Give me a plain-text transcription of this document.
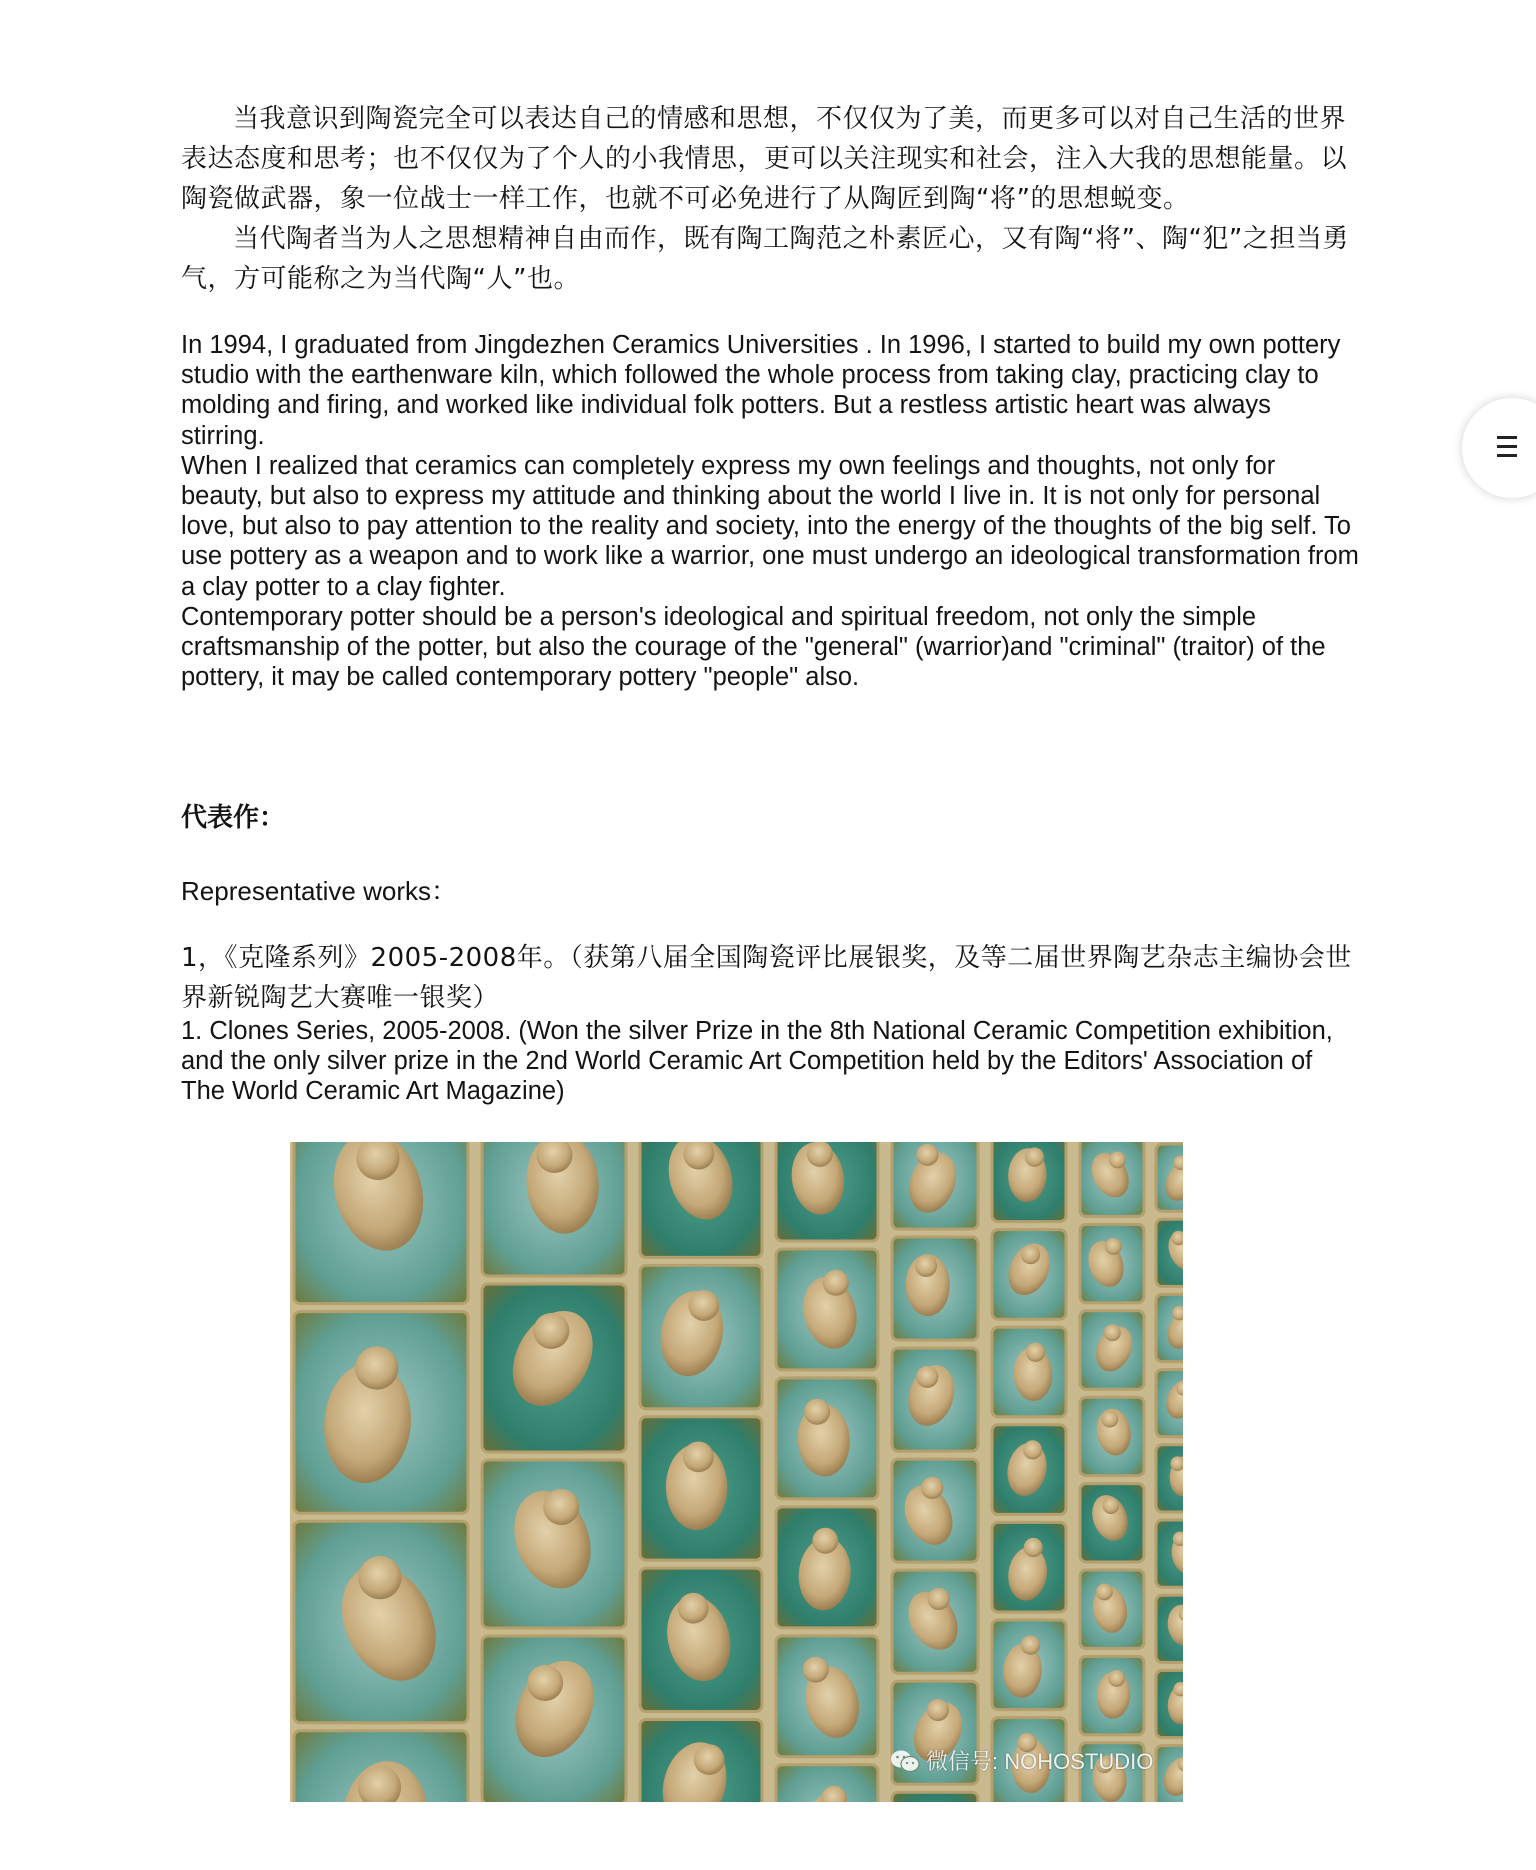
当我意识到陶瓷完全可以表达自己的情感和思想，不仅仅为了美，而更多可以对自己生活的世界表达态度和思考；也不仅仅为了个人的小我情思，更可以关注现实和社会，注入大我的思想能量。以陶瓷做武器，象一位战士一样工作，也就不可必免进行了从陶匠到陶“将”的思想蜕变。

当代陶者当为人之思想精神自由而作，既有陶工陶范之朴素匠心，又有陶“将”、陶“犯”之担当勇气，方可能称之为当代陶“人”也。

In 1994, I graduated from Jingdezhen Ceramics Universities . In 1996, I started to build my own pottery studio with the earthenware kiln, which followed the whole process from taking clay, practicing clay to molding and firing, and worked like individual folk potters. But a restless artistic heart was always stirring.

When I realized that ceramics can completely express my own feelings and thoughts, not only for beauty, but also to express my attitude and thinking about the world I live in. It is not only for personal love, but also to pay attention to the reality and society, into the energy of the thoughts of the big self. To use pottery as a weapon and to work like a warrior, one must undergo an ideological transformation from a clay potter to a clay fighter.

Contemporary potter should be a person's ideological and spiritual freedom, not only the simple craftsmanship of the potter, but also the courage of the "general" (warrior)and "criminal" (traitor) of the pottery, it may be called contemporary pottery "people" also.

代表作：
Representative works：

1，《克隆系列》2005-2008年。（获第八届全国陶瓷评比展银奖，及等二届世界陶艺杂志主编协会世界新锐陶艺大赛唯一银奖）

1. Clones Series, 2005-2008. (Won the silver Prize in the 8th National Ceramic Competition exhibition, and the only silver prize in the 2nd World Ceramic Art Competition held by the Editors' Association of The World Ceramic Art Magazine)

微信号: NOHOSTUDIO
